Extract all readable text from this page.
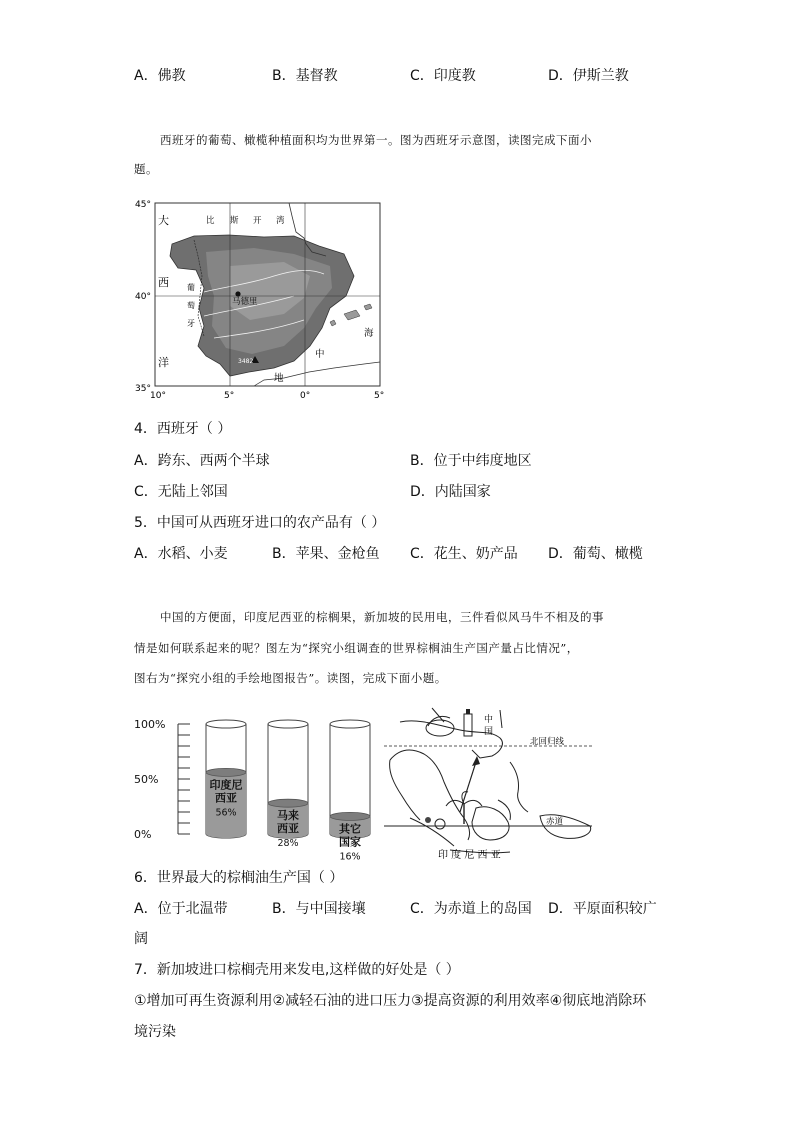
A．佛教	B．基督教	C．印度教	D．伊斯兰教
西班牙的葡萄、橄榄种植面积均为世界第一。图为西班牙示意图，读图完成下面小
题。
马德里
3482
45°
40°
35°
10°	5°	0°	5°
比 斯 开 湾
大
西
洋
葡
萄
牙
中
地
海
4．西班牙（ ）
A．跨东、西两个半球	B．位于中纬度地区
C．无陆上邻国	D．内陆国家
5．中国可从西班牙进口的农产品有（ ）
A．水稻、小麦	B．苹果、金枪鱼 C．花生、奶产品 D．葡萄、橄榄
中国的方便面，印度尼西亚的棕榈果，新加坡的民用电，三件看似风马牛不相及的事
情是如何联系起来的呢？图左为“探究小组调查的世界棕榈油生产国产量占比情况”，
图右为“探究小组的手绘地图报告”。读图，完成下面小题。
100%
50%
0%
印度尼
西亚
56%	马来
西亚
28%
其它
国家
16%
中
国
北回归线
赤道
印 度 尼 西 亚
6．世界最大的棕榈油生产国（ ）
A．位于北温带	B．与中国接壤	C．为赤道上的岛国 D．平原面积较广
阔
7．新加坡进口棕榈壳用来发电,这样做的好处是（ ）
①增加可再生资源利用②减轻石油的进口压力③提高资源的利用效率④彻底地消除环
境污染
